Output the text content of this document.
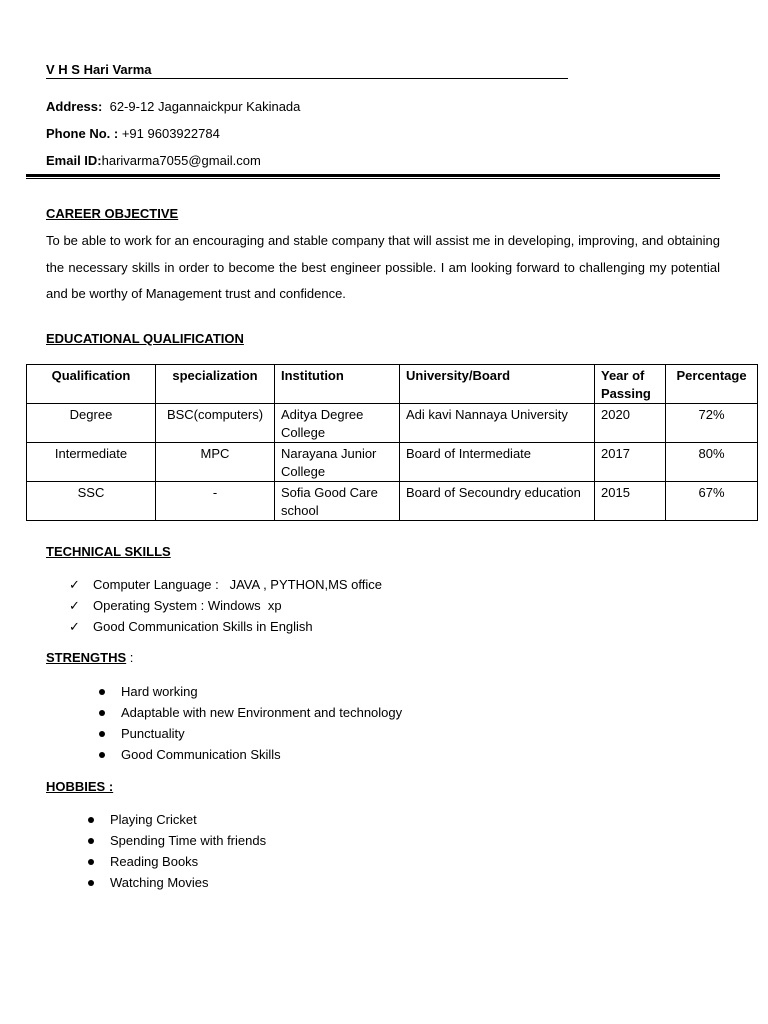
V H S Hari Varma
Address: 62-9-12 Jagannaickpur Kakinada
Phone No. : +91 9603922784
Email ID:harivarma7055@gmail.com
CAREER OBJECTIVE
To be able to work for an encouraging and stable company that will assist me in developing, improving, and obtaining the necessary skills in order to become the best engineer possible. I am looking forward to challenging my potential and be worthy of Management trust and confidence.
EDUCATIONAL QUALIFICATION
Qualification	specialization	Institution	University/Board	Year of Passing	Percentage
Degree	BSC(computers)	Aditya Degree College	Adi kavi Nannaya University	2020	72%
Intermediate	MPC	Narayana Junior College	Board of Intermediate	2017	80%
SSC	-	Sofia Good Care school	Board of Secoundry education	2015	67%
TECHNICAL SKILLS
✓ Computer Language :   JAVA , PYTHON,MS office
✓ Operating System : Windows  xp
✓ Good Communication Skills in English
STRENGTHS :
Hard working
Adaptable with new Environment and technology
Punctuality
Good Communication Skills
HOBBIES :
Playing Cricket
Spending Time with friends
Reading Books
Watching Movies
